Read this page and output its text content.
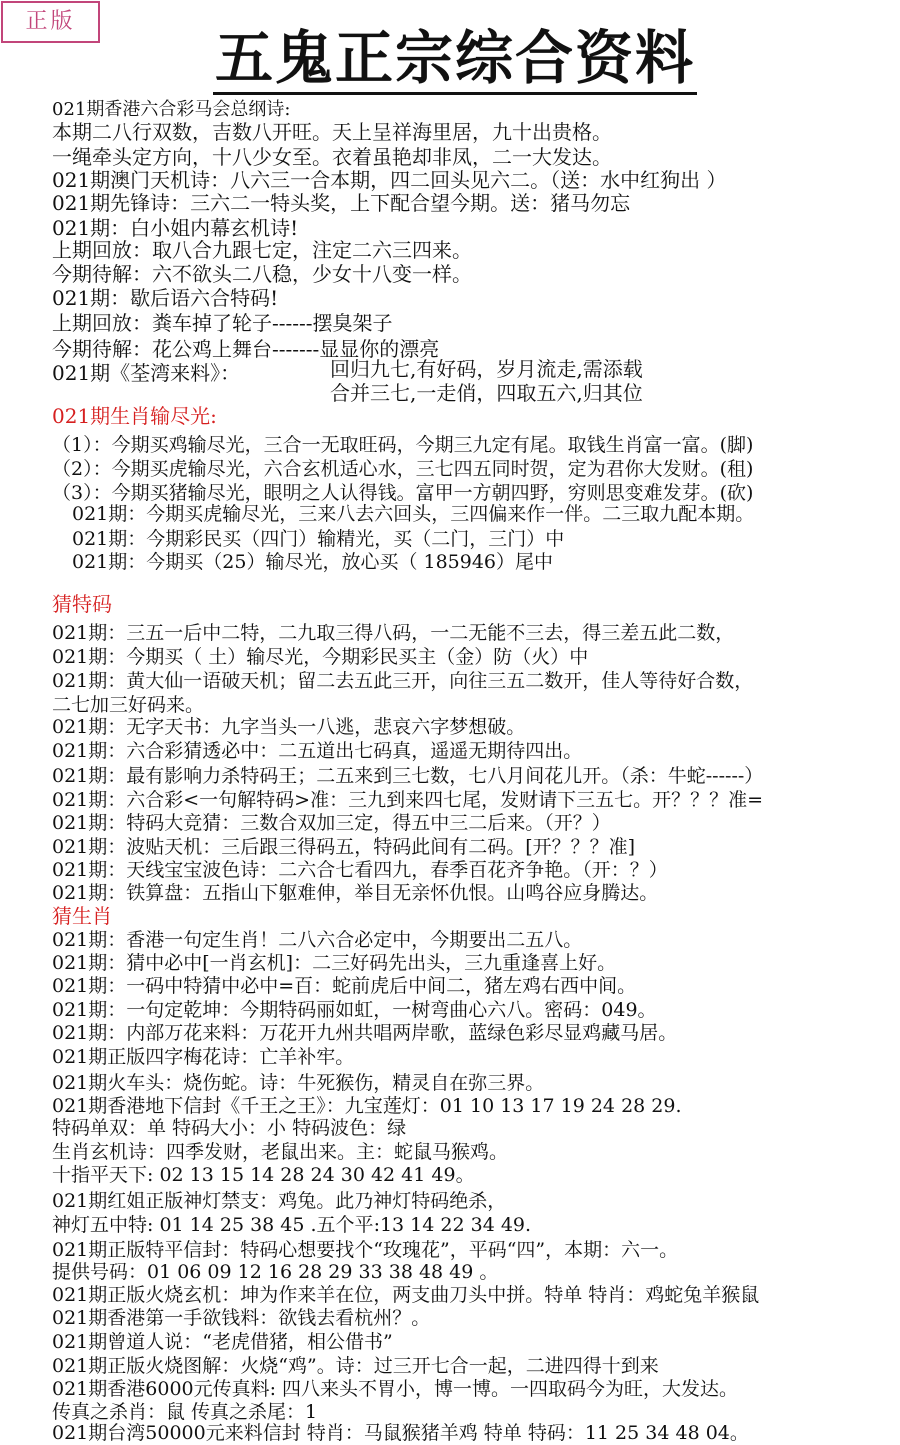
正版
五鬼正宗综合资料
021期香港六合彩马会总纲诗:
本期二八行双数，吉数八开旺。天上呈祥海里居，九十出贵格。
一绳牵头定方向，十八少女至。衣着虽艳却非凤，二一大发达。
021期澳门天机诗：八六三一合本期，四二回头见六二。（送：水中红狗出 ）
021期先锋诗：三六二一特头奖，上下配合望今期。送：猪马勿忘
021期：白小姐内幕玄机诗!
上期回放：取八合九跟七定，注定二六三四来。
今期待解：六不欲头二八稳，少女十八变一样。
021期：歇后语六合特码!
上期回放：粪车掉了轮子------摆臭架子
今期待解：花公鸡上舞台-------显显你的漂亮
021期《荃湾来料》：	回归九七,有好码，岁月流走,需添载
合并三七,一走俏，四取五六,归其位
021期生肖输尽光:
（1）：今期买鸡输尽光，三合一无取旺码，今期三九定有尾。取钱生肖富一富。(脚)
（2）：今期买虎输尽光，六合玄机适心水，三七四五同时贺，定为君你大发财。(租)
（3）：今期买猪输尽光，眼明之人认得钱。富甲一方朝四野，穷则思变难发芽。(砍)
021期：今期买虎输尽光，三来八去六回头，三四偏来作一伴。二三取九配本期。
021期：今期彩民买（四门）输精光，买（二门，三门）中
021期：今期买（25）输尽光，放心买（ 185946）尾中
猜特码
021期：三五一后中二特，二九取三得八码，一二无能不三去，得三差五此二数，
021期：今期买（ 土）输尽光，今期彩民买主（金）防（火）中
021期：黄大仙一语破天机；留二去五此三开，向往三五二数开，佳人等待好合数，
二七加三好码来。
021期：无字天书：九字当头一八逃，悲哀六字梦想破。
021期：六合彩猜透必中：二五道出七码真，遥遥无期待四出。
021期：最有影响力杀特码王；二五来到三七数，七八月间花儿开。（杀：牛蛇------）
021期：六合彩<一句解特码>准：三九到来四七尾，发财请下三五七。开？？？准=
021期：特码大竞猜：三数合双加三定，得五中三二后来。（开？）
021期：波贴天机：三后跟三得码五，特码此间有二码。[开？？？准]
021期：天线宝宝波色诗：二六合七看四九，春季百花齐争艳。（开：？）
021期：铁算盘：五指山下躯难伸，举目无亲怀仇恨。山鸣谷应身腾达。
猜生肖
021期：香港一句定生肖！二八六合必定中，今期要出二五八。
021期：猜中必中[一肖玄机]：二三好码先出头，三九重逢喜上好。
021期：一码中特猜中必中=百：蛇前虎后中间二，猪左鸡右西中间。
021期：一句定乾坤：今期特码丽如虹，一树弯曲心六八。密码：049。
021期：内部万花来料：万花开九州共唱两岸歌，蓝绿色彩尽显鸡藏马居。
021期正版四字梅花诗：亡羊补牢。
021期火车头：烧伤蛇。诗：牛死猴伤，精灵自在弥三界。
021期香港地下信封《千王之王》：九宝莲灯：01 10 13 17 19 24 28 29.
特码单双：单 特码大小：小 特码波色：绿
生肖玄机诗：四季发财，老鼠出来。主：蛇鼠马猴鸡。
十指平天下: 02 13 15 14 28 24 30 42 41 49。
021期红姐正版神灯禁支：鸡兔。此乃神灯特码绝杀，
神灯五中特: 01 14 25 38 45 .五个平:13 14 22 34 49.
021期正版特平信封：特码心想要找个“玫瑰花”，平码“四”，本期：六一。
提供号码：01 06 09 12 16 28 29 33 38 48 49 。
021期正版火烧玄机：坤为作来羊在位，两支曲刀头中拼。特单 特肖：鸡蛇兔羊猴鼠
021期香港第一手欲钱料：欲钱去看杭州？。
021期曾道人说：“老虎借猪，相公借书”
021期正版火烧图解：火烧“鸡”。诗：过三开七合一起，二进四得十到来
021期香港6000元传真料: 四八来头不胃小，博一博。一四取码今为旺，大发达。
传真之杀肖：鼠 传真之杀尾：1
021期台湾50000元来料信封 特肖：马鼠猴猪羊鸡 特单 特码：11 25 34 48 04。
